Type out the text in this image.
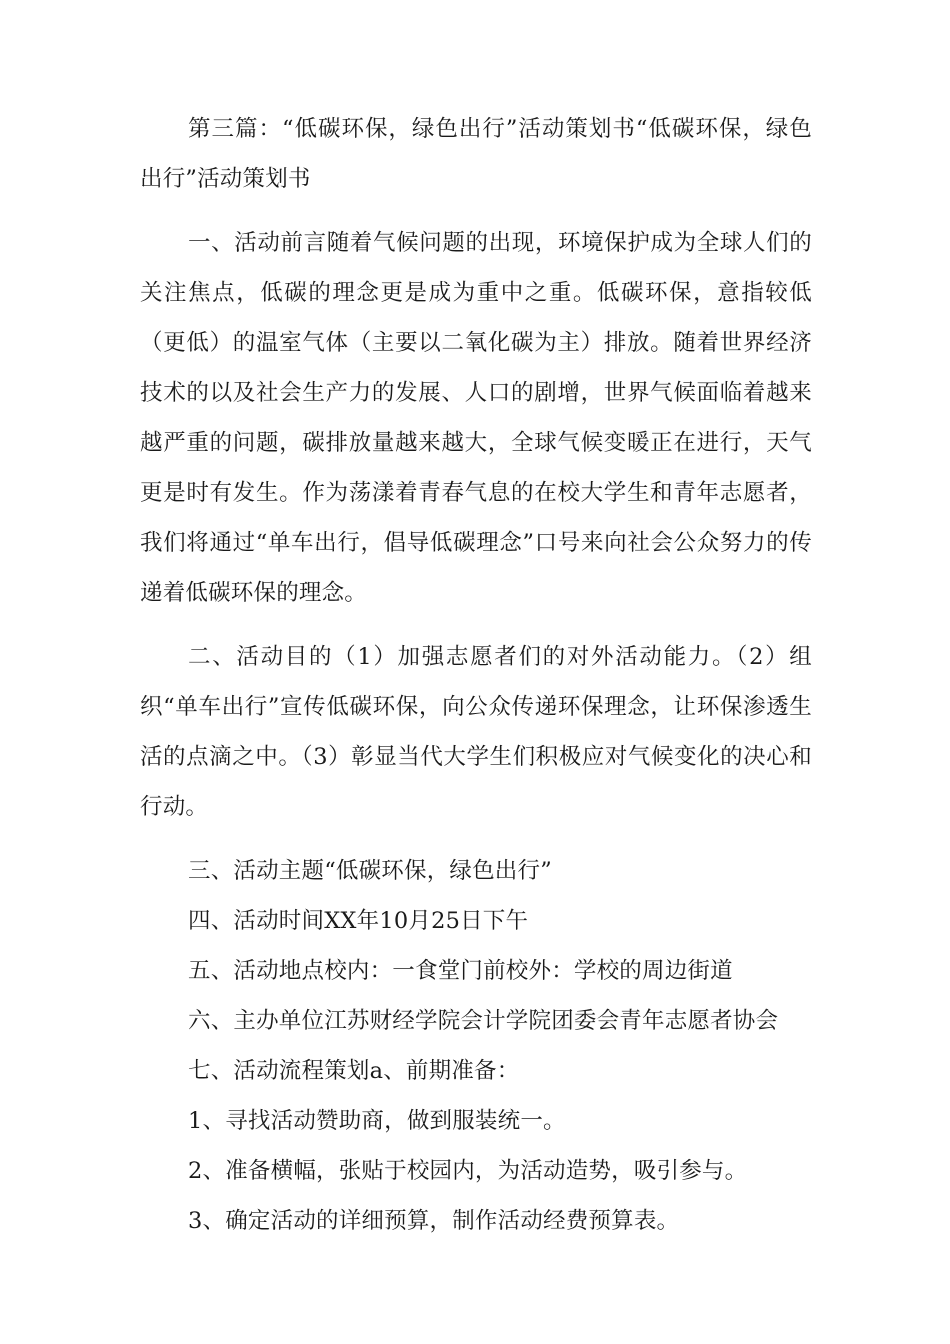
第三篇：“低碳环保，绿色出行”活动策划书“低碳环保，绿色出行”活动策划书

一、活动前言随着气候问题的出现，环境保护成为全球人们的关注焦点，低碳的理念更是成为重中之重。低碳环保，意指较低（更低）的温室气体（主要以二氧化碳为主）排放。随着世界经济技术的以及社会生产力的发展、人口的剧增，世界气候面临着越来越严重的问题，碳排放量越来越大，全球气候变暖正在进行，天气更是时有发生。作为荡漾着青春气息的在校大学生和青年志愿者，我们将通过“单车出行，倡导低碳理念”口号来向社会公众努力的传递着低碳环保的理念。

二、活动目的（1）加强志愿者们的对外活动能力。（2）组织“单车出行”宣传低碳环保，向公众传递环保理念，让环保渗透生活的点滴之中。（3）彰显当代大学生们积极应对气候变化的决心和行动。

三、活动主题“低碳环保，绿色出行”

四、活动时间XX年10月25日下午

五、活动地点校内：一食堂门前校外：学校的周边街道

六、主办单位江苏财经学院会计学院团委会青年志愿者协会

七、活动流程策划a、前期准备：

1、寻找活动赞助商，做到服装统一。

2、准备横幅，张贴于校园内，为活动造势，吸引参与。

3、确定活动的详细预算，制作活动经费预算表。
